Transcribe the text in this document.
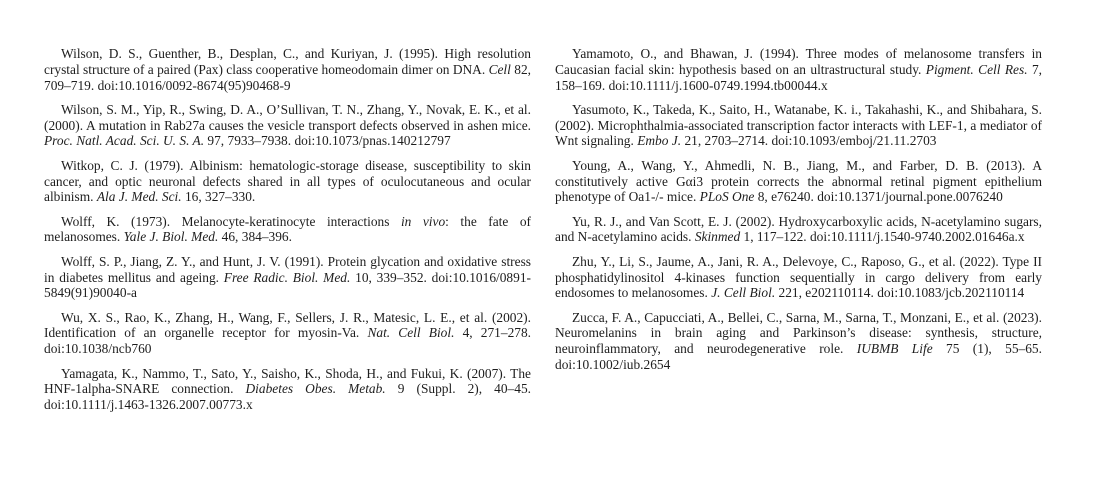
Wilson, D. S., Guenther, B., Desplan, C., and Kuriyan, J. (1995). High resolution crystal structure of a paired (Pax) class cooperative homeodomain dimer on DNA. Cell 82, 709–719. doi:10.1016/0092-8674(95)90468-9

Wilson, S. M., Yip, R., Swing, D. A., O’Sullivan, T. N., Zhang, Y., Novak, E. K., et al. (2000). A mutation in Rab27a causes the vesicle transport defects observed in ashen mice. Proc. Natl. Acad. Sci. U. S. A. 97, 7933–7938. doi:10.1073/pnas.140212797

Witkop, C. J. (1979). Albinism: hematologic-storage disease, susceptibility to skin cancer, and optic neuronal defects shared in all types of oculocutaneous and ocular albinism. Ala J. Med. Sci. 16, 327–330.

Wolff, K. (1973). Melanocyte-keratinocyte interactions in vivo: the fate of melanosomes. Yale J. Biol. Med. 46, 384–396.

Wolff, S. P., Jiang, Z. Y., and Hunt, J. V. (1991). Protein glycation and oxidative stress in diabetes mellitus and ageing. Free Radic. Biol. Med. 10, 339–352. doi:10.1016/0891-5849(91)90040-a

Wu, X. S., Rao, K., Zhang, H., Wang, F., Sellers, J. R., Matesic, L. E., et al. (2002). Identification of an organelle receptor for myosin-Va. Nat. Cell Biol. 4, 271–278. doi:10.1038/ncb760

Yamagata, K., Nammo, T., Sato, Y., Saisho, K., Shoda, H., and Fukui, K. (2007). The HNF-1alpha-SNARE connection. Diabetes Obes. Metab. 9 (Suppl. 2), 40–45. doi:10.1111/j.1463-1326.2007.00773.x

Yamamoto, O., and Bhawan, J. (1994). Three modes of melanosome transfers in Caucasian facial skin: hypothesis based on an ultrastructural study. Pigment. Cell Res. 7, 158–169. doi:10.1111/j.1600-0749.1994.tb00044.x

Yasumoto, K., Takeda, K., Saito, H., Watanabe, K. i., Takahashi, K., and Shibahara, S. (2002). Microphthalmia-associated transcription factor interacts with LEF-1, a mediator of Wnt signaling. Embo J. 21, 2703–2714. doi:10.1093/emboj/21.11.2703

Young, A., Wang, Y., Ahmedli, N. B., Jiang, M., and Farber, D. B. (2013). A constitutively active Gαi3 protein corrects the abnormal retinal pigment epithelium phenotype of Oa1-/- mice. PLoS One 8, e76240. doi:10.1371/journal.pone.0076240

Yu, R. J., and Van Scott, E. J. (2002). Hydroxycarboxylic acids, N-acetylamino sugars, and N-acetylamino acids. Skinmed 1, 117–122. doi:10.1111/j.1540-9740.2002.01646a.x

Zhu, Y., Li, S., Jaume, A., Jani, R. A., Delevoye, C., Raposo, G., et al. (2022). Type II phosphatidylinositol 4-kinases function sequentially in cargo delivery from early endosomes to melanosomes. J. Cell Biol. 221, e202110114. doi:10.1083/jcb.202110114

Zucca, F. A., Capucciati, A., Bellei, C., Sarna, M., Sarna, T., Monzani, E., et al. (2023). Neuromelanins in brain aging and Parkinson’s disease: synthesis, structure, neuroinflammatory, and neurodegenerative role. IUBMB Life 75 (1), 55–65. doi:10.1002/iub.2654
